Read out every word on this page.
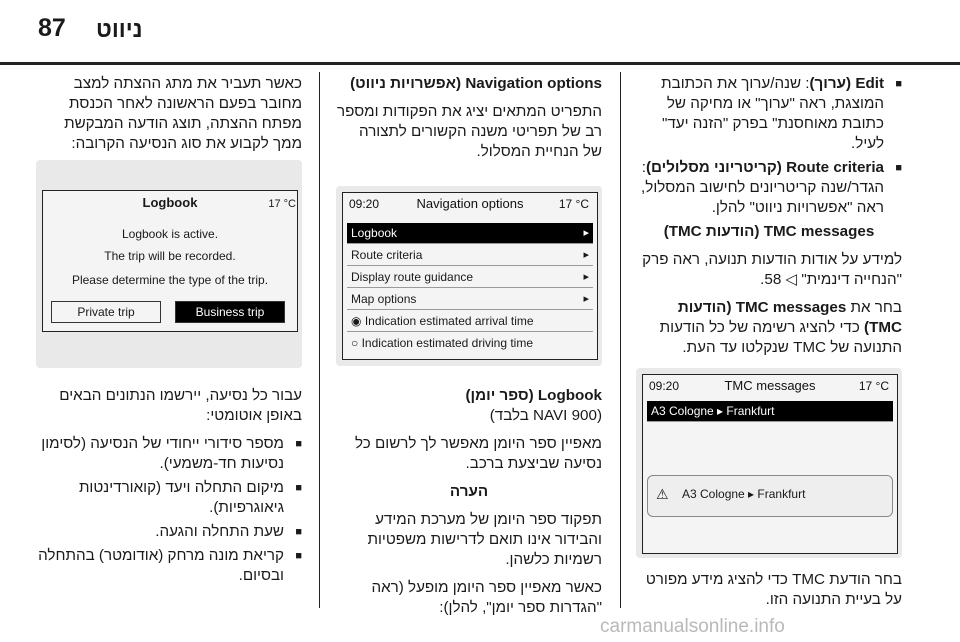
87 ניווט
■ Edit (ערוך): שנה/ערוך את הכתובת המוצגת, ראה "ערוך" או מחיקה של כתובת מאוחסנת" בפרק "הזנה יעד" לעיל.
■ Route criteria (קריטריוני מסלולים): הגדר/שנה קריטריונים לחישוב המסלול, ראה "אפשרויות ניווט" להלן.

TMC messages (הודעות TMC)

למידע על אודות הודעות תנועה, ראה פרק "הנחייה דינמית" ◁ 58.

בחר את TMC messages (הודעות TMC) כדי להציג רשימה של כל הודעות התנועה של TMC שנקלטו עד העת.

בחר הודעת TMC כדי להציג מידע מפורט על בעיית התנועה הזו.
09:20	TMC messages	17 °C
A3 Cologne ▸ Frankfurt
⚠ A3 Cologne ▸ Frankfurt

Navigation options (אפשרויות ניווט)

התפריט המתאים יציג את הפקודות ומספר רב של תפריטי משנה הקשורים לתצורה של הנחיית המסלול.

09:20	Navigation options	17 °C
Logbook	▸
Route criteria	▸
Display route guidance	▸
Map options	▸
◉ Indication estimated arrival time
○ Indication estimated driving time

Logbook (ספר יומן)

(NAVI 900 בלבד)

מאפיין ספר היומן מאפשר לך לרשום כל נסיעה שביצעת ברכב.

הערה

תפקוד ספר היומן של מערכת המידע והבידור אינו תואם לדרישות משפטיות רשמיות כלשהן.

כאשר מאפיין ספר היומן מופעל (ראה "הגדרות ספר יומן", להלן):

כאשר תעביר את מתג ההצתה למצב מחובר בפעם הראשונה לאחר הכנסת מפתח ההצתה, תוצג הודעה המבקשת ממך לקבוע את סוג הנסיעה הקרובה:
Logbook
Logbook is active.
The trip will be recorded.
Please determine the type of the trip.
Private trip	Business trip
17 °C

עבור כל נסיעה, יירשמו הנתונים הבאים באופן אוטומטי:

■ מספר סידורי ייחודי של הנסיעה (לסימון נסיעות חד-משמעי).
■ מיקום התחלה ויעד (קואורדינטות גיאוגרפיות).
■ שעת התחלה והגעה.
■ קריאת מונה מרחק (אודומטר) בהתחלה ובסיום.
carmanualsonline.info
